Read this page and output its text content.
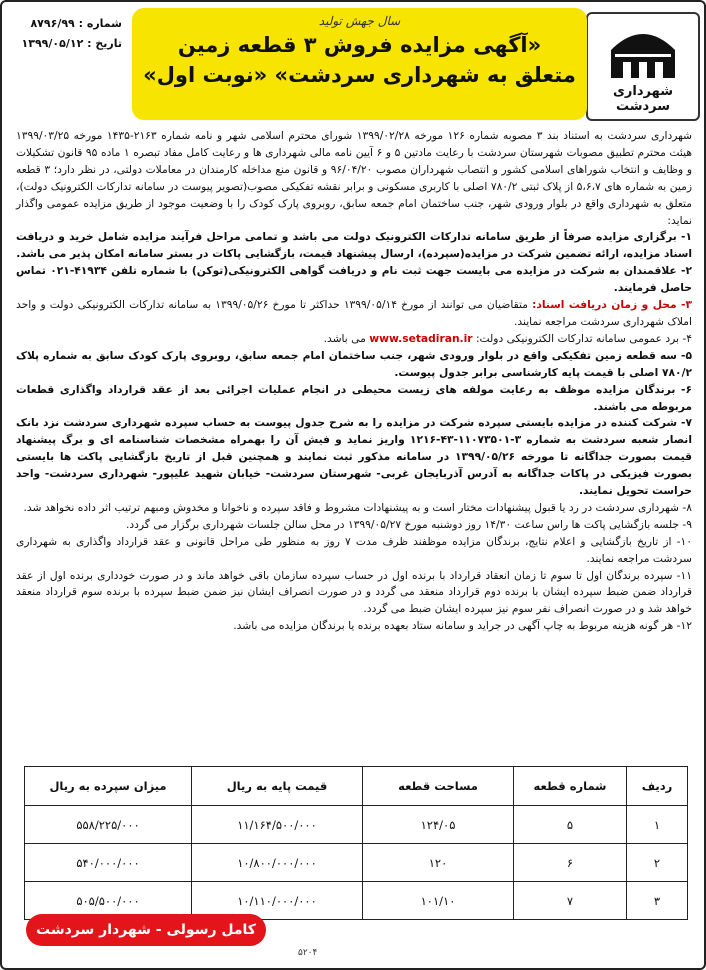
شهرداری سردشت
سال جهش تولید
«آگهی مزایده فروش ۳ قطعه زمین
متعلق به شهرداری سردشت» «نوبت اول»
شماره : ۸۷۹۶/۹۹
تاریخ : ۱۳۹۹/۰۵/۱۲

شهرداری سردشت به استناد بند ۳ مصوبه شماره ۱۲۶ مورخه ۱۳۹۹/۰۲/۲۸ شورای محترم اسلامی شهر و نامه شماره ۲۱۶۳-۱۴۳۵ مورخه ۱۳۹۹/۰۳/۲۵ هیئت محترم تطبیق مصوبات شهرستان سردشت با رعایت مادتین ۵ و ۶ آیین نامه مالی شهرداری ها و رعایت کامل مفاد تبصره ۱ ماده ۹۵ قانون تشکیلات و وظایف و انتخاب شوراهای اسلامی کشور و انتصاب شهرداران مصوب ۹۶/۰۴/۲۰ و قانون منع مداخله کارمندان در معاملات دولتی، در نظر دارد؛ ۳ قطعه زمین به شماره های ۵،۶،۷ از پلاک ثبتی ۷۸۰/۲ اصلی با کاربری مسکونی و برابر نقشه تفکیکی مصوب(تصویر پیوست در سامانه تدارکات الکترونیک دولت)، متعلق به شهرداری واقع در بلوار ورودی شهر، جنب ساختمان امام جمعه سابق، روبروی پارک کودک را با وضعیت موجود از طریق مزایده عمومی واگذار نماید:

۱- برگزاری مزایده صرفاً از طریق سامانه تدارکات الکترونیک دولت می باشد و تمامی مراحل فرآیند مزایده شامل خرید و دریافت اسناد مزایده، ارائه تضمین شرکت در مزایده(سپرده)، ارسال پیشنهاد قیمت، بازگشایی پاکات در بستر سامانه امکان پذیر می باشد.

۲- علاقمندان به شرکت در مزایده می بایست جهت ثبت نام و دریافت گواهی الکترونیکی(توکن) با شماره تلفن ۴۱۹۳۴-۰۲۱ تماس حاصل فرمایند.

۳- محل و زمان دریافت اسناد: متقاضیان می توانند از مورخ ۱۳۹۹/۰۵/۱۴ حداکثر تا مورخ ۱۳۹۹/۰۵/۲۶ به سامانه تدارکات الکترونیکی دولت و واحد املاک شهرداری سردشت مراجعه نمایند.

۴- برد عمومی سامانه تدارکات الکترونیکی دولت: www.setadiran.ir می باشد.

۵- سه قطعه زمین تفکیکی واقع در بلوار ورودی شهر، جنب ساختمان امام جمعه سابق، روبروی پارک کودک سابق به شماره پلاک ۷۸۰/۲ اصلی با قیمت پایه کارشناسی برابر جدول پیوست.

۶- برندگان مزایده موظف به رعایت مولفه های زیست محیطی در انجام عملیات اجرائی بعد از عقد قرارداد واگذاری قطعات مربوطه می باشند.

۷- شرکت کننده در مزایده بایستی سپرده شرکت در مزایده را به شرح جدول پیوست به حساب سپرده شهرداری سردشت نزد بانک انصار شعبه سردشت به شماره ۳-۱۱۰۷۳۵۰۱-۴۳-۱۲۱۶ واریز نماید و فیش آن را بهمراه مشخصات شناسنامه ای و برگ پیشنهاد قیمت بصورت جداگانه تا مورخه ۱۳۹۹/۰۵/۲۶ در سامانه مذکور ثبت نمایند و همچنین قبل از تاریخ بازگشایی پاکت ها بایستی بصورت فیزیکی در پاکات جداگانه به آدرس آذربایجان غربی- شهرستان سردشت- خیابان شهید علیپور- شهرداری سردشت- واحد حراست تحویل نمایند.

۸- شهرداری سردشت در رد یا قبول پیشنهادات مختار است و به پیشنهادات مشروط و فاقد سپرده و ناخوانا و مخدوش ومبهم ترتیب اثر داده نخواهد شد.

۹- جلسه بازگشایی پاکت ها راس ساعت ۱۴/۳۰ روز دوشنبه مورخ ۱۳۹۹/۰۵/۲۷ در محل سالن جلسات شهرداری برگزار می گردد.

۱۰- از تاریخ بازگشایی و اعلام نتایج، برندگان مزایده موظفند ظرف مدت ۷ روز به منظور طی مراحل قانونی و عقد قرارداد واگذاری به شهرداری سردشت مراجعه نمایند.

۱۱- سپرده برندگان اول تا سوم تا زمان انعقاد قرارداد با برنده اول در حساب سپرده سازمان باقی خواهد ماند و در صورت خودداری برنده اول از عقد قرارداد ضمن ضبط سپرده ایشان با برنده دوم قرارداد منعقد می گردد و در صورت انصراف ایشان نیز ضمن ضبط سپرده با برنده سوم قرارداد منعقد خواهد شد و در صورت انصراف نفر سوم نیز سپرده ایشان ضبط می گردد.

۱۲- هر گونه هزینه مربوط به چاپ آگهی در جراید و سامانه ستاد بعهده برنده یا برندگان مزایده می باشد.

ردیف	شماره قطعه	مساحت قطعه	قیمت پایه به ریال	میزان سپرده به ریال
۱	۵	۱۲۴/۰۵	۱۱/۱۶۴/۵۰۰/۰۰۰	۵۵۸/۲۲۵/۰۰۰
۲	۶	۱۲۰	۱۰/۸۰۰/۰۰۰/۰۰۰	۵۴۰/۰۰۰/۰۰۰
۳	۷	۱۰۱/۱۰	۱۰/۱۱۰/۰۰۰/۰۰۰	۵۰۵/۵۰۰/۰۰۰
کامل رسولی - شهردار سردشت
۵۲۰۴
